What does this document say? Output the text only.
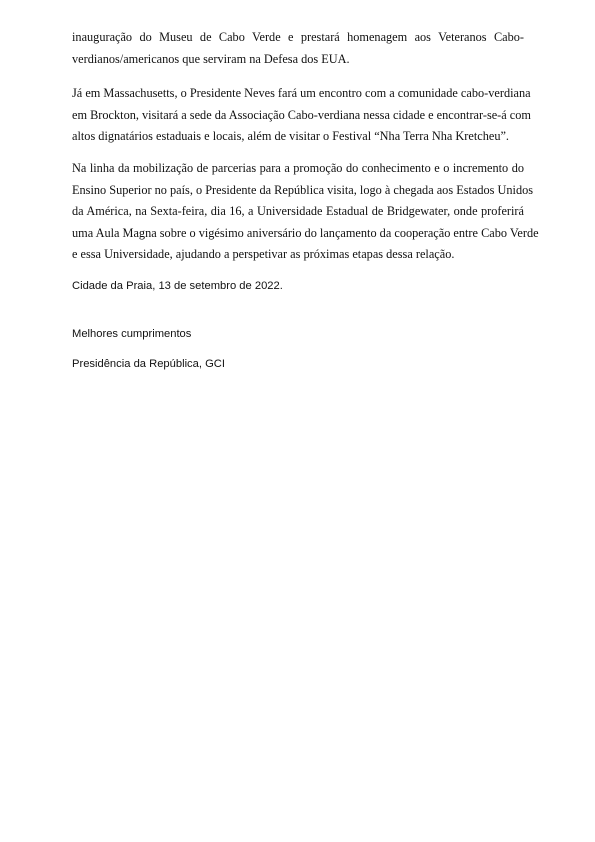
inauguração do Museu de Cabo Verde e prestará homenagem aos Veteranos Cabo-
verdianos/americanos que serviram na Defesa dos EUA.
Já em Massachusetts, o Presidente Neves fará um encontro com a comunidade cabo-verdiana
em Brockton, visitará a sede da Associação Cabo-verdiana nessa cidade e encontrar-se-á com
altos dignatários estaduais e locais, além de visitar o Festival “Nha Terra Nha Kretcheu”.
Na linha da mobilização de parcerias para a promoção do conhecimento e o incremento do
Ensino Superior no país, o Presidente da República visita, logo à chegada aos Estados Unidos
da América, na Sexta-feira, dia 16, a Universidade Estadual de Bridgewater, onde proferirá
uma Aula Magna sobre o vigésimo aniversário do lançamento da cooperação entre Cabo Verde
e essa Universidade, ajudando a perspetivar as próximas etapas dessa relação.

Cidade da Praia, 13 de setembro de 2022.

Melhores cumprimentos

Presidência da República, GCI
